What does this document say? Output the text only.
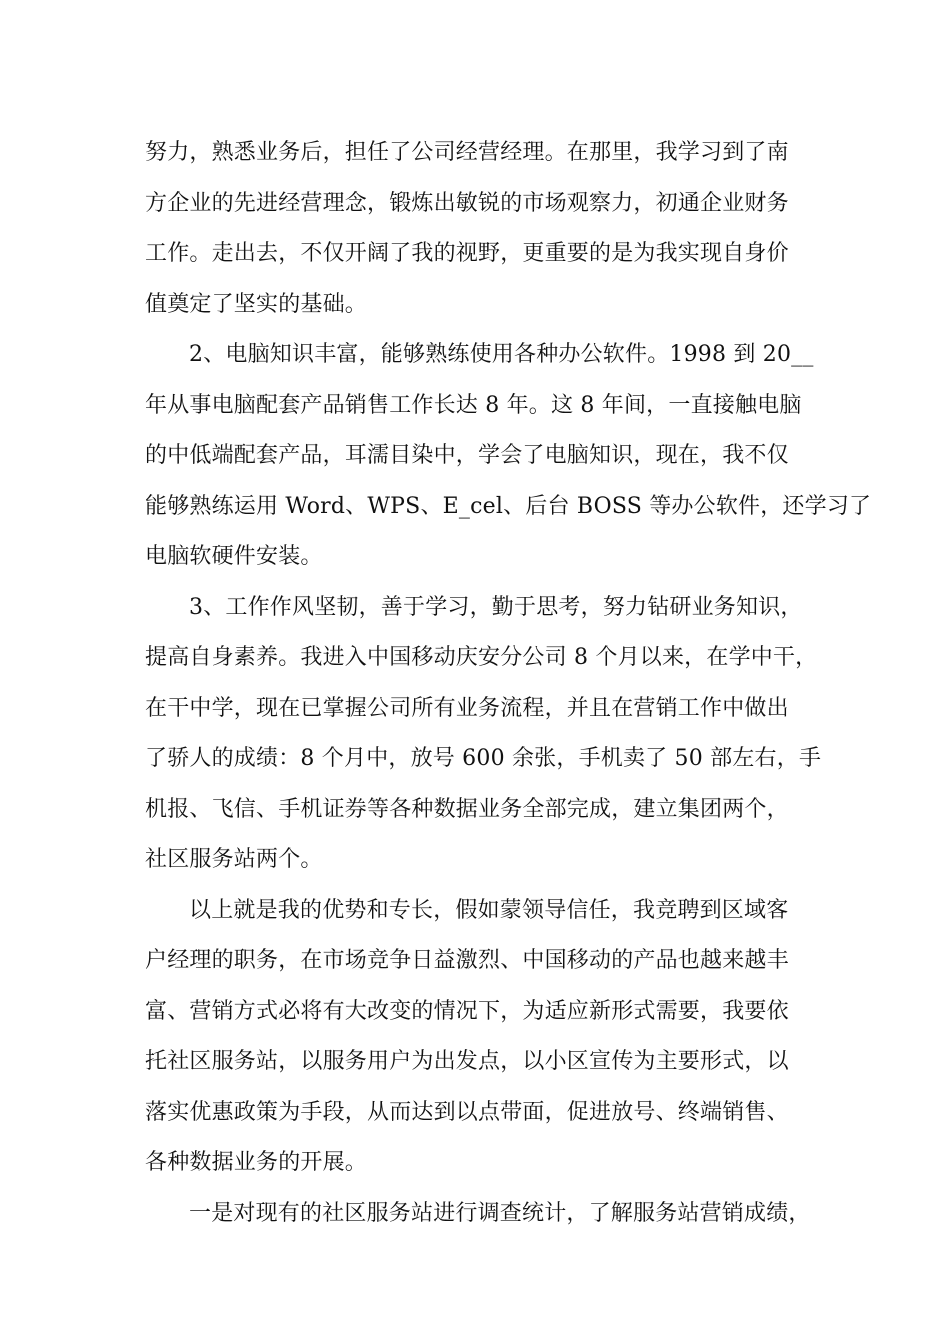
努力，熟悉业务后，担任了公司经营经理。在那里，我学习到了南
方企业的先进经营理念，锻炼出敏锐的市场观察力，初通企业财务
工作。走出去，不仅开阔了我的视野，更重要的是为我实现自身价
值奠定了坚实的基础。
2、电脑知识丰富，能够熟练使用各种办公软件。1998 到 20__
年从事电脑配套产品销售工作长达 8 年。这 8 年间，一直接触电脑
的中低端配套产品，耳濡目染中，学会了电脑知识，现在，我不仅
能够熟练运用 Word、WPS、E_cel、后台 BOSS 等办公软件，还学习了
电脑软硬件安装。
3、工作作风坚韧，善于学习，勤于思考，努力钻研业务知识，
提高自身素养。我进入中国移动庆安分公司 8 个月以来，在学中干，
在干中学，现在已掌握公司所有业务流程，并且在营销工作中做出
了骄人的成绩：8 个月中，放号 600 余张，手机卖了 50 部左右，手
机报、飞信、手机证券等各种数据业务全部完成，建立集团两个，
社区服务站两个。
以上就是我的优势和专长，假如蒙领导信任，我竞聘到区域客
户经理的职务，在市场竞争日益激烈、中国移动的产品也越来越丰
富、营销方式必将有大改变的情况下，为适应新形式需要，我要依
托社区服务站，以服务用户为出发点，以小区宣传为主要形式，以
落实优惠政策为手段，从而达到以点带面，促进放号、终端销售、
各种数据业务的开展。
一是对现有的社区服务站进行调查统计，了解服务站营销成绩，
